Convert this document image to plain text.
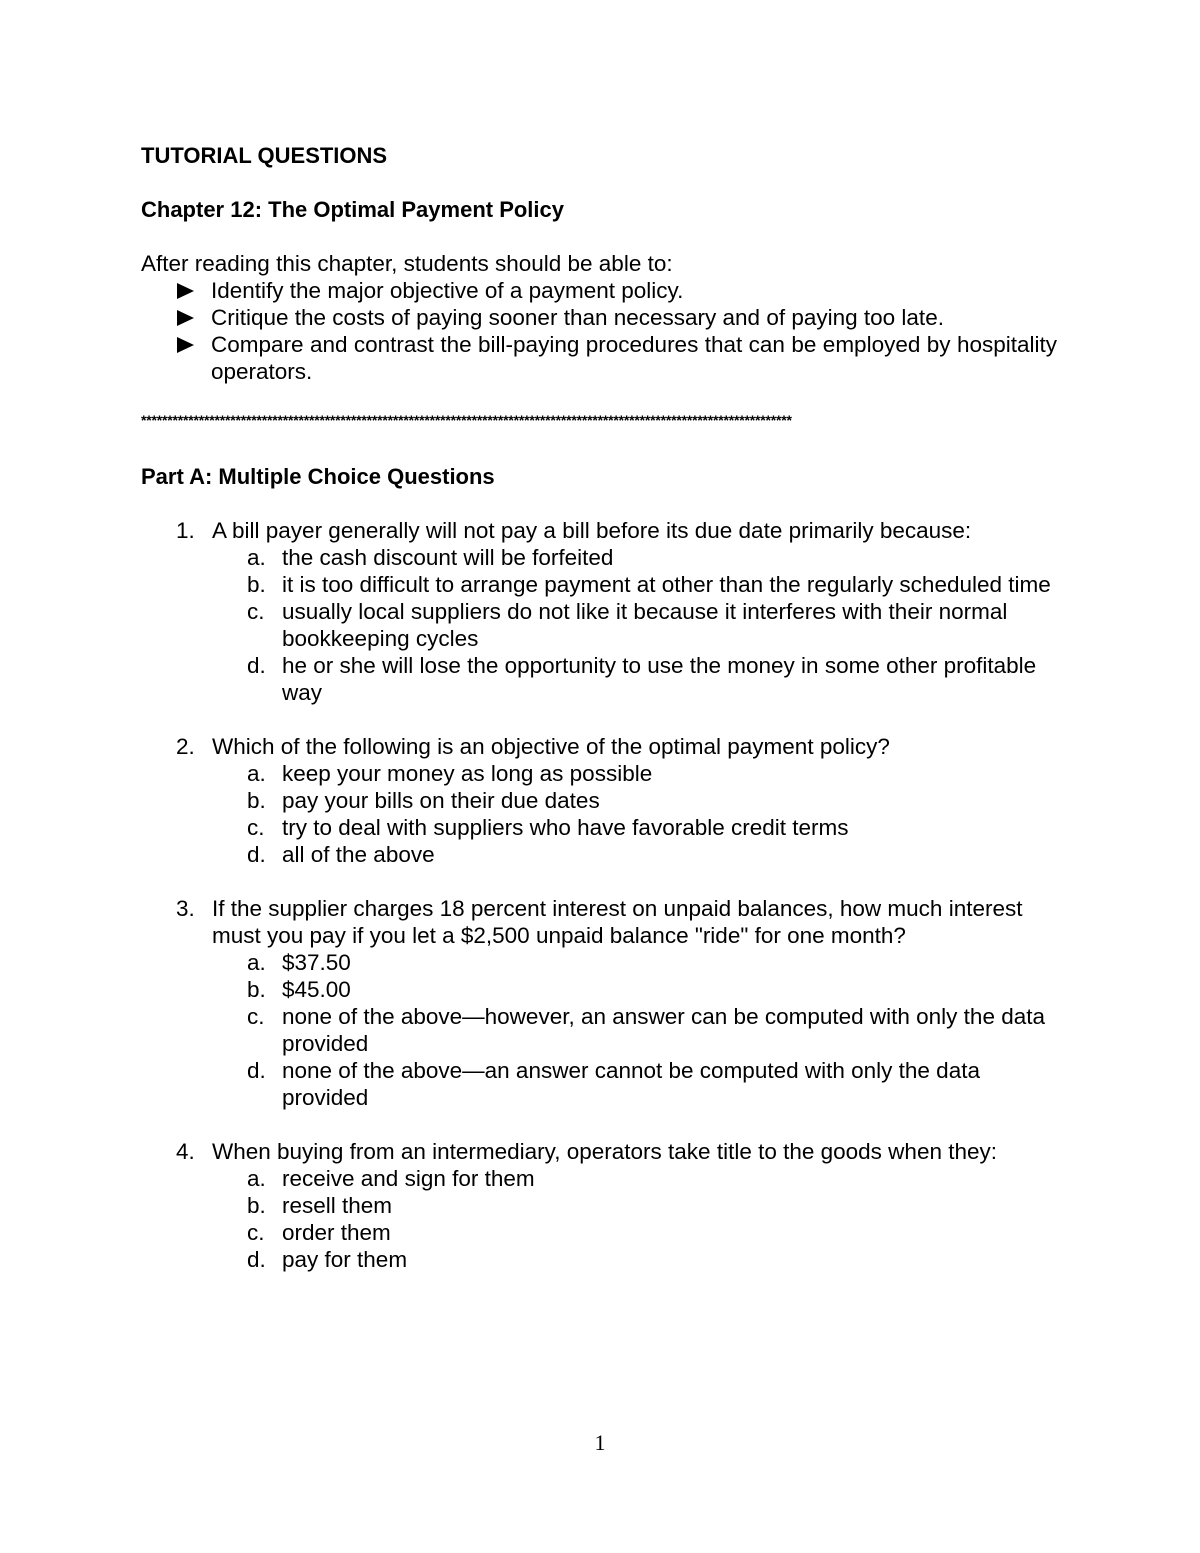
TUTORIAL QUESTIONS

Chapter 12: The Optimal Payment Policy

After reading this chapter, students should be able to:

Identify the major objective of a payment policy.
Critique the costs of paying sooner than necessary and of paying too late.
Compare and contrast the bill-paying procedures that can be employed by hospitality operators.
****************************************************************************************************************************

Part A: Multiple Choice Questions

1. A bill payer generally will not pay a bill before its due date primarily because:

a. the cash discount will be forfeited
b. it is too difficult to arrange payment at other than the regularly scheduled time
c. usually local suppliers do not like it because it interferes with their normal bookkeeping cycles
d. he or she will lose the opportunity to use the money in some other profitable way
2. Which of the following is an objective of the optimal payment policy?

a. keep your money as long as possible
b. pay your bills on their due dates
c. try to deal with suppliers who have favorable credit terms
d. all of the above
3. If the supplier charges 18 percent interest on unpaid balances, how much interest must you pay if you let a $2,500 unpaid balance "ride" for one month?

a. $37.50
b. $45.00
c. none of the above—however, an answer can be computed with only the data provided
d. none of the above—an answer cannot be computed with only the data provided
4. When buying from an intermediary, operators take title to the goods when they:

a. receive and sign for them
b. resell them
c. order them
d. pay for them
1
